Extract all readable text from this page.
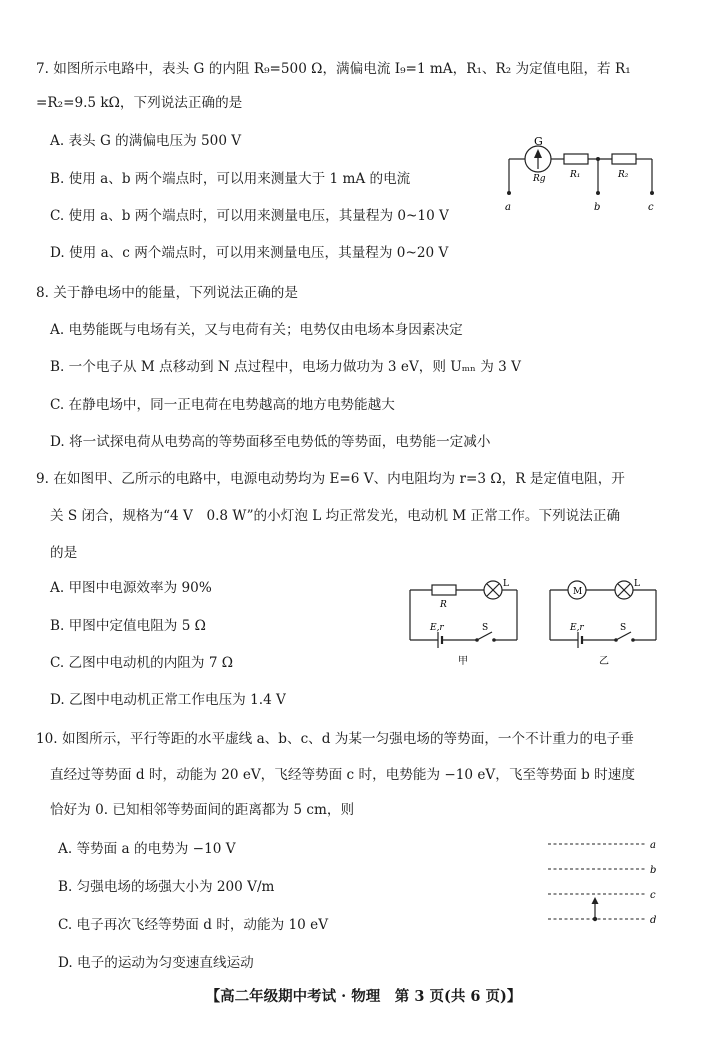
7. 如图所示电路中，表头 G 的内阻 R₉=500 Ω，满偏电流 I₉=1 mA，R₁、R₂ 为定值电阻，若 R₁
=R₂=9.5 kΩ，下列说法正确的是
A. 表头 G 的满偏电压为 500 V
B. 使用 a、b 两个端点时，可以用来测量大于 1 mA 的电流
C. 使用 a、b 两个端点时，可以用来测量电压，其量程为 0~10 V
D. 使用 a、c 两个端点时，可以用来测量电压，其量程为 0~20 V
G
Rg	R₁	R₂
a	b	c
8. 关于静电场中的能量，下列说法正确的是
A. 电势能既与电场有关，又与电荷有关；电势仅由电场本身因素决定
B. 一个电子从 M 点移动到 N 点过程中，电场力做功为 3 eV，则 Uₘₙ 为 3 V
C. 在静电场中，同一正电荷在电势越高的地方电势能越大
D. 将一试探电荷从电势高的等势面移至电势低的等势面，电势能一定减小
9. 在如图甲、乙所示的电路中，电源电动势均为 E=6 V、内电阻均为 r=3 Ω，R 是定值电阻，开
关 S 闭合，规格为“4 V　0.8 W”的小灯泡 L 均正常发光，电动机 M 正常工作。下列说法正确
的是
A. 甲图中电源效率为 90%
B. 甲图中定值电阻为 5 Ω
C. 乙图中电动机的内阻为 7 Ω
D. 乙图中电动机正常工作电压为 1.4 V
R
L
E,r	S
甲
M
L
E,r	S
乙
10. 如图所示，平行等距的水平虚线 a、b、c、d 为某一匀强电场的等势面，一个不计重力的电子垂
直经过等势面 d 时，动能为 20 eV，飞经等势面 c 时，电势能为 −10 eV，飞至等势面 b 时速度
恰好为 0. 已知相邻等势面间的距离都为 5 cm，则
A. 等势面 a 的电势为 −10 V
B. 匀强电场的场强大小为 200 V/m
C. 电子再次飞经等势面 d 时，动能为 10 eV
D. 电子的运动为匀变速直线运动
a
b
c
d
【高二年级期中考试 · 物理　第 3 页(共 6 页)】
